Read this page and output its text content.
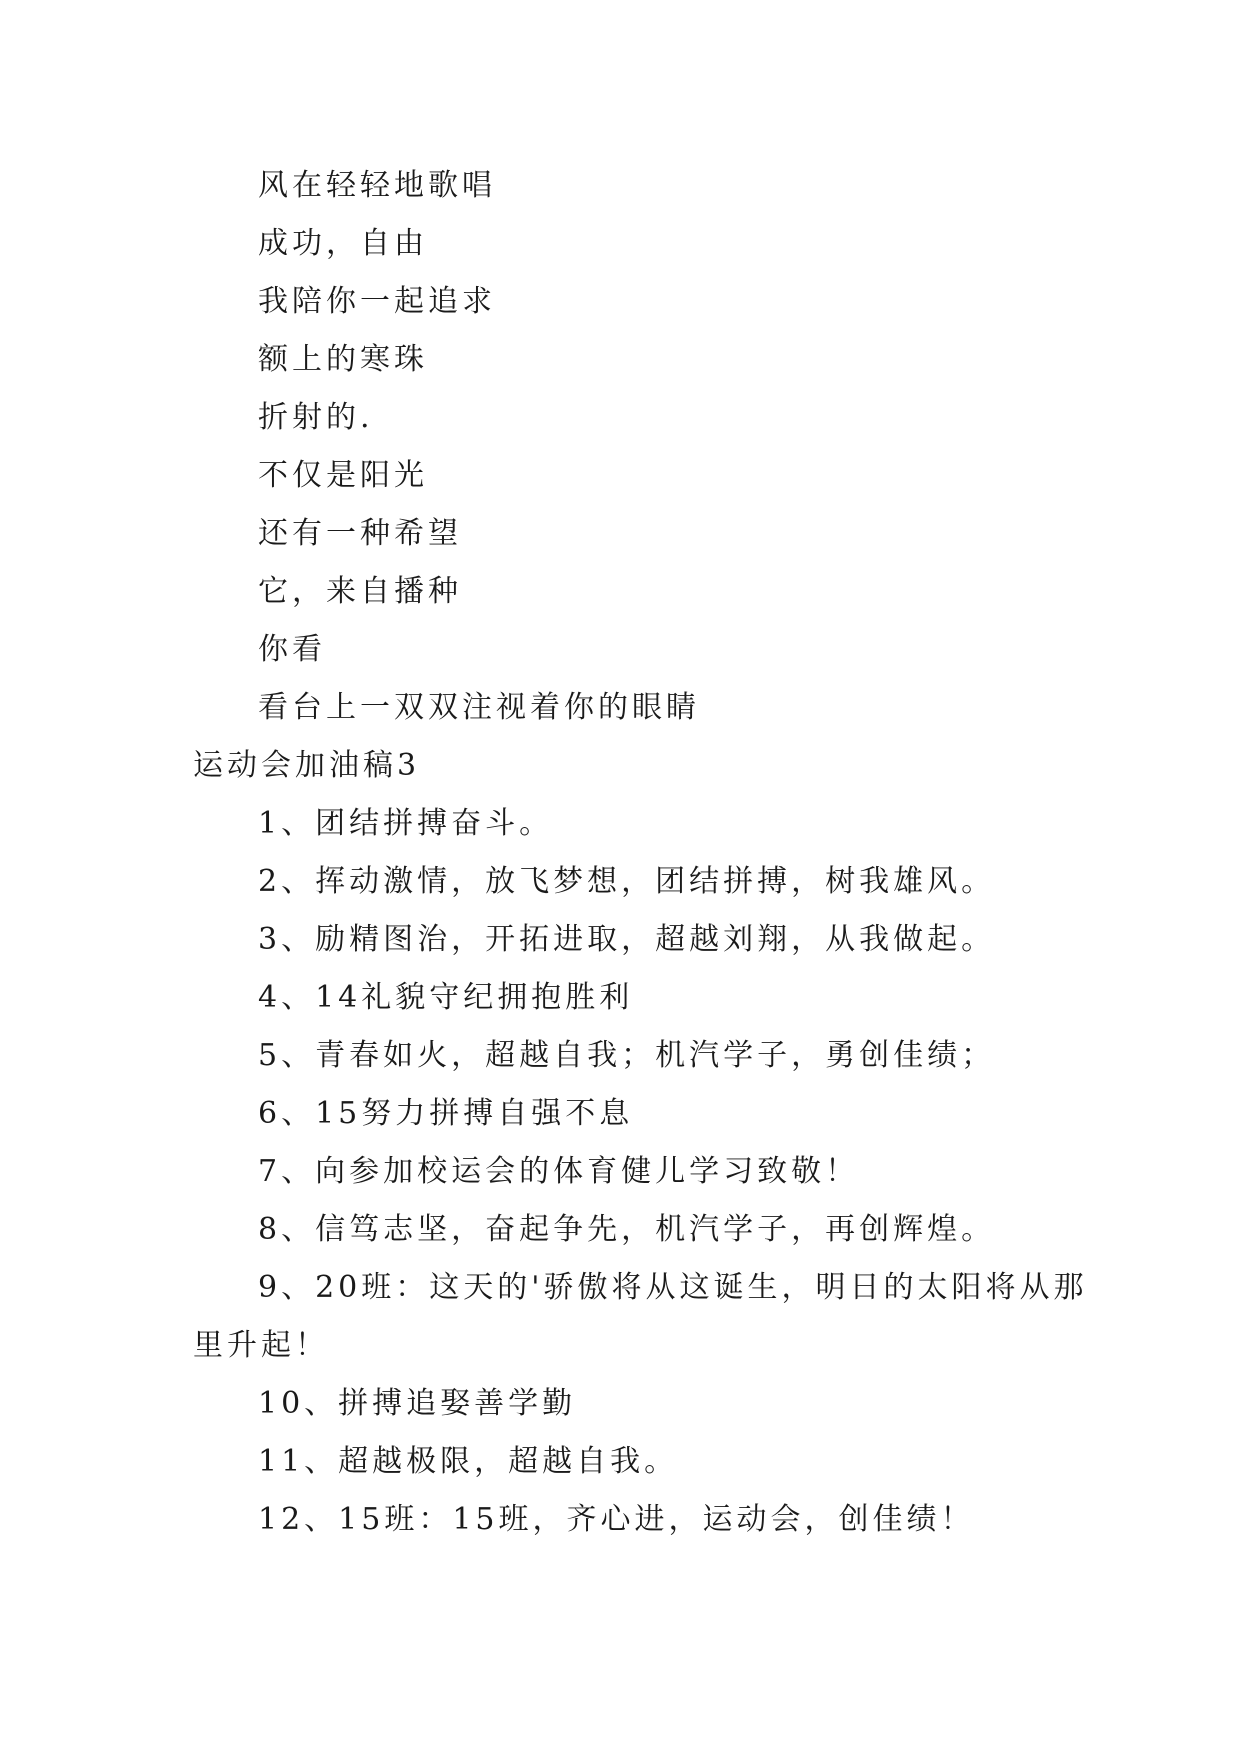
风在轻轻地歌唱
成功，自由
我陪你一起追求
额上的寒珠
折射的.
不仅是阳光
还有一种希望
它，来自播种
你看
看台上一双双注视着你的眼睛
运动会加油稿3
1、团结拼搏奋斗。
2、挥动激情，放飞梦想，团结拼搏，树我雄风。
3、励精图治，开拓进取，超越刘翔，从我做起。
4、14礼貌守纪拥抱胜利
5、青春如火，超越自我；机汽学子，勇创佳绩；
6、15努力拼搏自强不息
7、向参加校运会的体育健儿学习致敬！
8、信笃志坚，奋起争先，机汽学子，再创辉煌。
9、20班：这天的'骄傲将从这诞生，明日的太阳将从那
里升起！
10、拼搏追娶善学勤
11、超越极限，超越自我。
12、15班：15班，齐心进，运动会，创佳绩！
